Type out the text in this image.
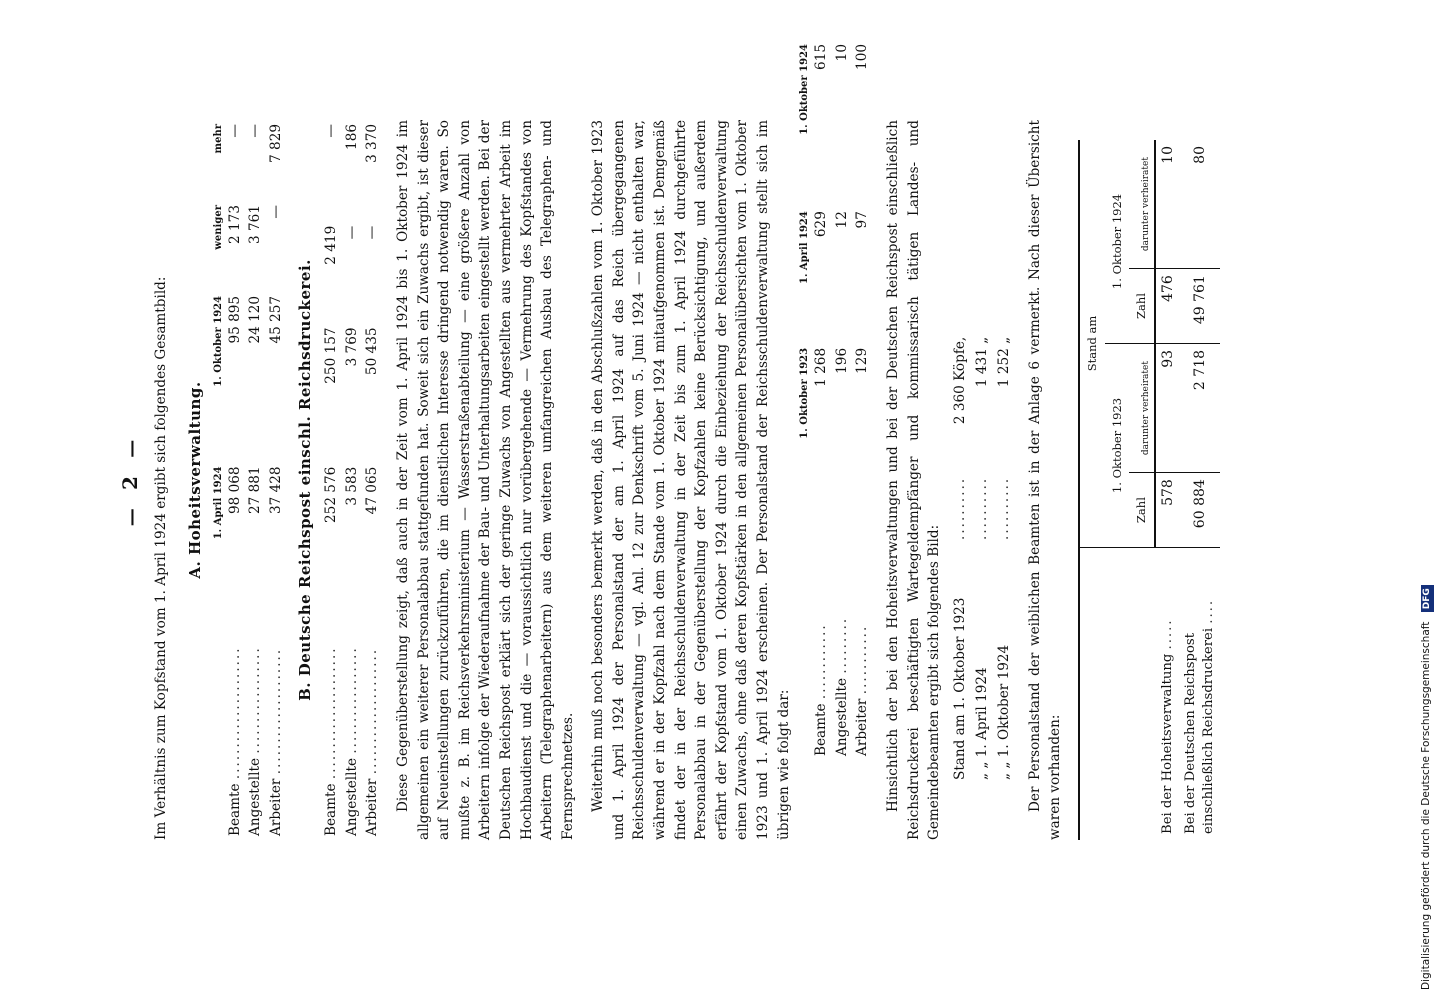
— 2 — Im Verhältnis zum Kopfstand vom 1. April 1924 ergibt sich folgendes Gesamtbild: A. Hoheitsverwaltung.
	1. April 1924	1. Oktober 1924	weniger	mehr
Beamte .....................	98 068	95 895	2 173	—
Angestellte .................	27 881	24 120	3 761	—
Arbeiter ....................	37 428	45 257	—	7 829
B. Deutsche Reichspost einschl. Reichsdruckerei.
Beamte .....................	252 576	250 157	2 419	—
Angestellte .................	3 583	3 769	—	186
Arbeiter ....................	47 065	50 435	—	3 370 Diese Gegenüberstellung zeigt, daß auch in der Zeit vom 1. April 1924 bis 1. Oktober 1924 im allgemeinen ein weiterer Personalabbau stattgefunden hat. Soweit sich ein Zuwachs ergibt, ist dieser auf Neueinstellungen zurückzuführen, die im dienstlichen Interesse dringend notwendig waren. So mußte z. B. im Reichsverkehrsministerium — Wasserstraßenabteilung — eine größere Anzahl von Arbeitern infolge der Wiederaufnahme der Bau- und Unterhaltungsarbeiten eingestellt werden. Bei der Deutschen Reichspost erklärt sich der geringe Zuwachs von Angestellten aus vermehrter Arbeit im Hochbaudienst und die — voraussichtlich nur vorübergehende — Vermehrung des Kopfstandes von Arbeitern (Telegraphenarbeitern) aus dem weiteren umfangreichen Ausbau des Telegraphen- und Fernsprechnetzes. Weiterhin muß noch besonders bemerkt werden, daß in den Abschlußzahlen vom 1. Oktober 1923 und 1. April 1924 der Personalstand der am 1. April 1924 auf das Reich übergegangenen Reichsschuldenverwaltung — vgl. Anl. 12 zur Denkschrift vom 5. Juni 1924 — nicht enthalten war, während er in der Kopfzahl nach dem Stande vom 1. Oktober 1924 mitaufgenommen ist. Demgemäß findet der in der Reichsschuldenverwaltung in der Zeit bis zum 1. April 1924 durchgeführte Personalabbau in der Gegenüberstellung der Kopfzahlen keine Berücksichtigung, und außerdem erfährt der Kopfstand vom 1. Oktober 1924 durch die Einbeziehung der Reichsschuldenverwaltung einen Zuwachs, ohne daß deren Kopfstärken in den allgemeinen Personalübersichten vom 1. Oktober 1923 und 1. April 1924 erscheinen. Der Personalstand der Reichsschuldenverwaltung stellt sich im übrigen wie folgt dar:

	1. Oktober 1923	1. April 1924	1. Oktober 1924
Beamte ............	1 268	629	615
Angestellte .........	196	12	10
Arbeiter ...........	129	97	100

Hinsichtlich der bei den Hoheitsverwaltungen und bei der Deutschen Reichspost einschließlich Reichsdruckerei beschäftigten Wartegeldempfänger und kommissarisch tätigen Landes- und Gemeindebeamten ergibt sich folgendes Bild: Stand am 1. Oktober 1923
..........
2 360 Köpfe,
„ „ 1. April 1924
..........
1 431 „
„ „ 1. Oktober 1924
..........
1 252 „ Der Personalstand der weiblichen Beamten ist in der Anlage 6 vermerkt. Nach dieser Übersicht waren vorhanden:

	Stand am			
	1. Oktober 1923		1. Oktober 1924	
	Zahl	darunter verheiratet	Zahl	darunter verheiratet
Bei der Hoheitsverwaltung .....	578	93	476	10
Bei der Deutschen Reichspost einschließlich Reichsdruckerei ....	60 884	2 718	49 761	80
Digitalisierung gefördert durch die Deutsche Forschungsgemeinschaft DFG
